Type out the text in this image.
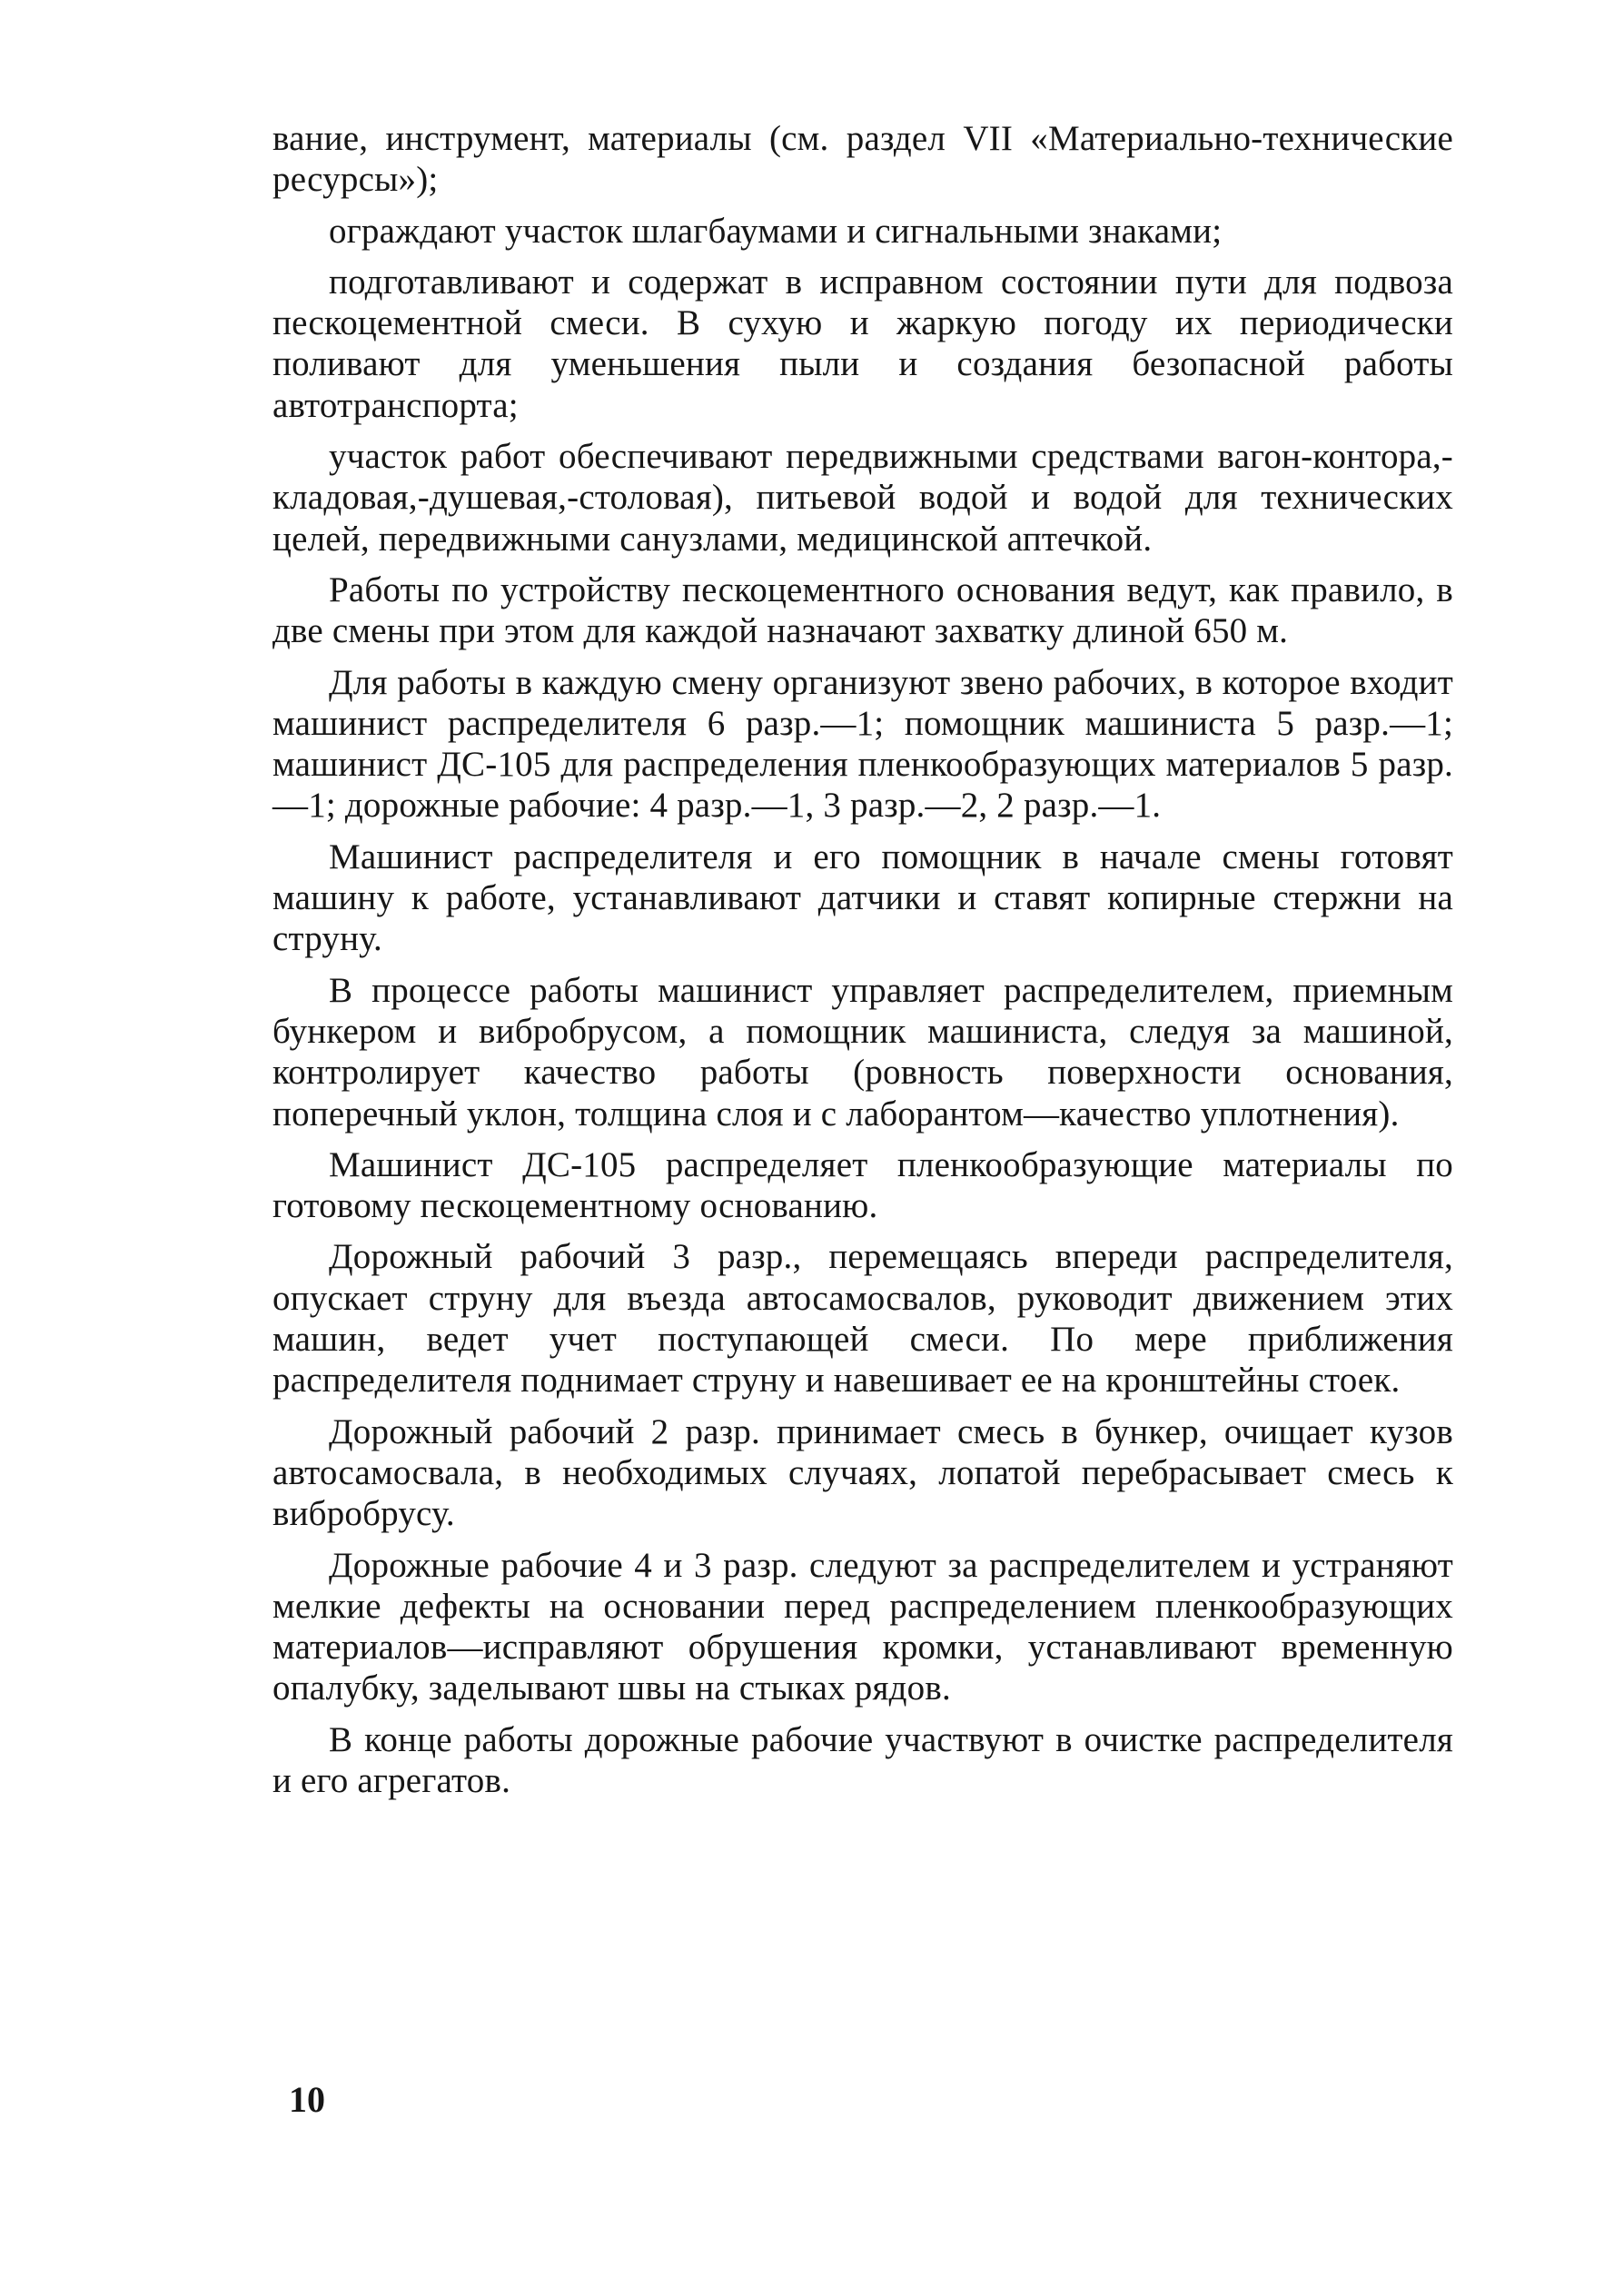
вание, инструмент, материалы (см. раздел VII «Материально-технические ресурсы»);

ограждают участок шлагбаумами и сигнальными знаками;

подготавливают и содержат в исправном состоянии пути для подвоза пескоцементной смеси. В сухую и жаркую погоду их периодически поливают для уменьшения пыли и создания безопасной работы автотранспорта;

участок работ обеспечивают передвижными средствами вагон-контора,-кладовая,-душевая,-столовая), питьевой водой и водой для технических целей, передвижными санузлами, медицинской аптечкой.

Работы по устройству пескоцементного основания ведут, как правило, в две смены при этом для каждой назначают захватку длиной 650 м.

Для работы в каждую смену организуют звено рабочих, в которое входит машинист распределителя 6 разр.—1; помощник машиниста 5 разр.—1; машинист ДС-105 для распределения пленкообразующих материалов 5 разр.—1; дорожные рабочие: 4 разр.—1, 3 разр.—2, 2 разр.—1.

Машинист распределителя и его помощник в начале смены готовят машину к работе, устанавливают датчики и ставят копирные стержни на струну.

В процессе работы машинист управляет распределителем, приемным бункером и вибробрусом, а помощник машиниста, следуя за машиной, контролирует качество работы (ровность поверхности основания, поперечный уклон, толщина слоя и с лаборантом—качество уплотнения).

Машинист ДС-105 распределяет пленкообразующие материалы по готовому пескоцементному основанию.

Дорожный рабочий 3 разр., перемещаясь впереди распределителя, опускает струну для въезда автосамосвалов, руководит движением этих машин, ведет учет поступающей смеси. По мере приближения распределителя поднимает струну и навешивает ее на кронштейны стоек.

Дорожный рабочий 2 разр. принимает смесь в бункер, очищает кузов автосамосвала, в необходимых случаях, лопатой перебрасывает смесь к вибробрусу.

Дорожные рабочие 4 и 3 разр. следуют за распределителем и устраняют мелкие дефекты на основании перед распределением пленкообразующих материалов—исправляют обрушения кромки, устанавливают временную опалубку, заделывают швы на стыках рядов.

В конце работы дорожные рабочие участвуют в очистке распределителя и его агрегатов.

10
